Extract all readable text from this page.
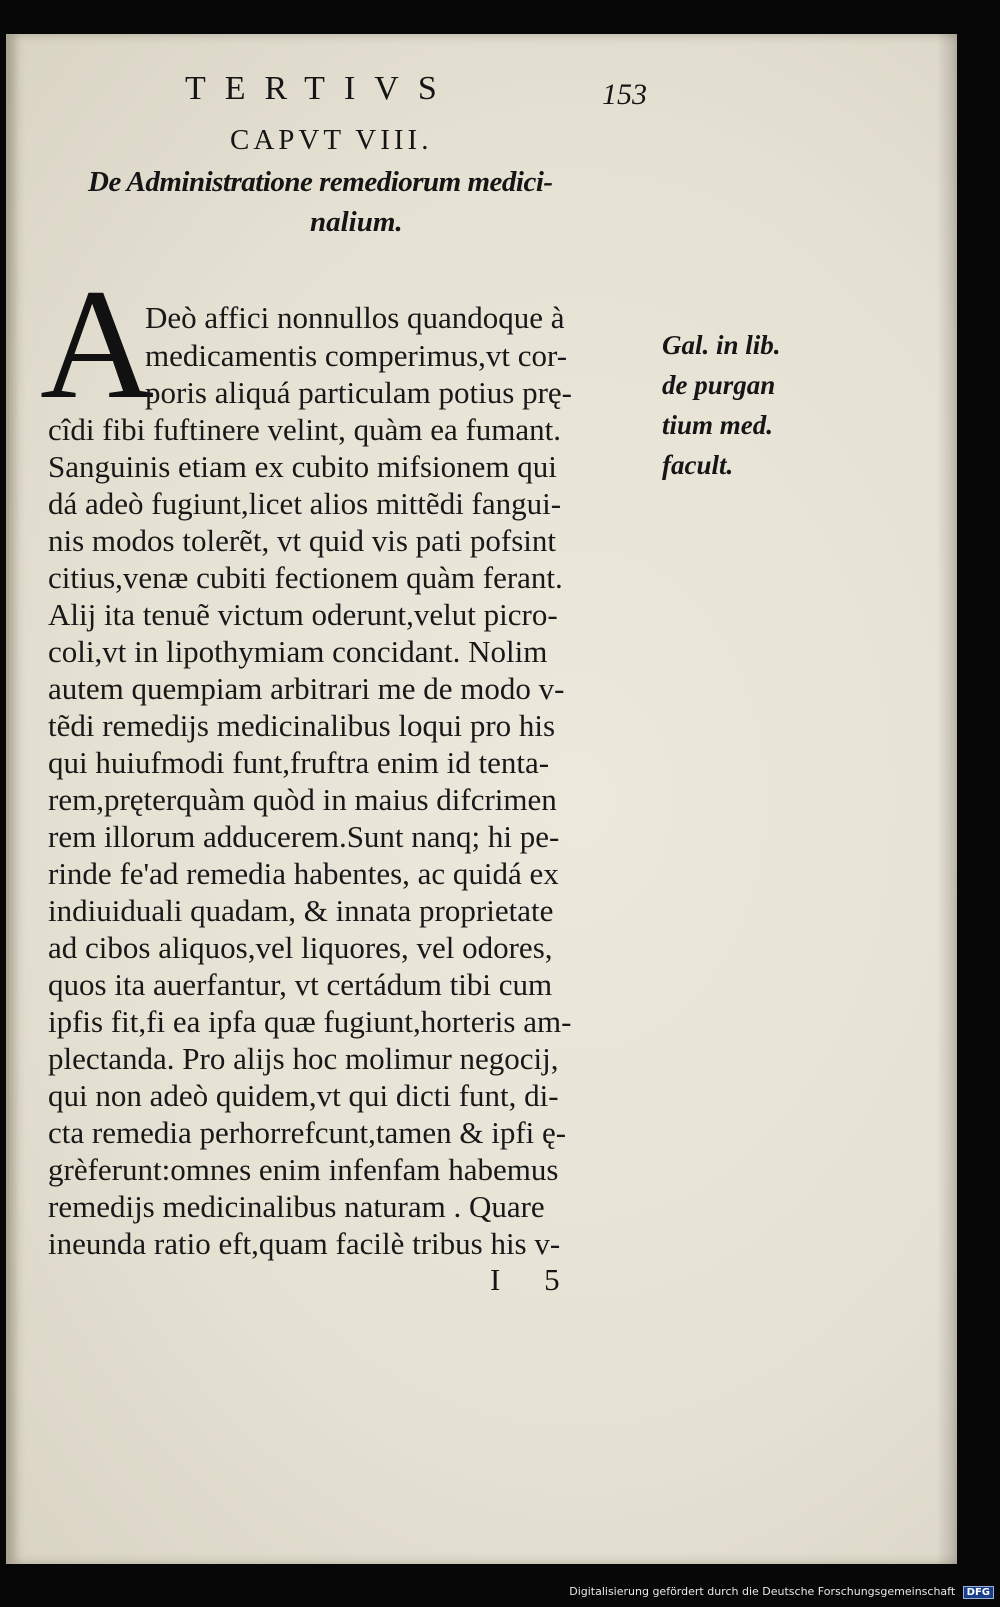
TERTIVS	153
CAPVT VIII.
De Administratione remediorum medici-
nalium.
A
Deò affici nonnullos quandoque à
medicamentis comperimus,vt cor-
poris aliquá particulam potius prę-
cîdi fibi fuftinere velint, quàm ea fumant.
Sanguinis etiam ex cubito mifsionem qui
dá adeò fugiunt,licet alios mittẽdi fangui-
nis modos tolerẽt, vt quid vis pati pofsint
citius,venæ cubiti fectionem quàm ferant.
Alij ita tenuẽ victum oderunt,velut picro-
coli,vt in lipothymiam concidant. Nolim
autem quempiam arbitrari me de modo v-
tẽdi remedijs medicinalibus loqui pro his
qui huiufmodi funt,fruftra enim id tenta-
rem,pręterquàm quòd in maius difcrimen
rem illorum adducerem.Sunt nanq; hi pe-
rinde fe'ad remedia habentes, ac quidá ex
indiuiduali quadam, & innata proprietate
ad cibos aliquos,vel liquores, vel odores,
quos ita auerfantur, vt certádum tibi cum
ipfis fit,fi ea ipfa quæ fugiunt,horteris am-
plectanda. Pro alijs hoc molimur negocij,
qui non adeò quidem,vt qui dicti funt, di-
cta remedia perhorrefcunt,tamen & ipfi ę-
grèferunt:omnes enim infenfam habemus
remedijs medicinalibus naturam . Quare
ineunda ratio eft,quam facilè tribus his v-
Gal. in lib.
de purgan
tium med.
facult.
I 5
Digitalisierung gefördert durch die Deutsche Forschungsgemeinschaft DFG
